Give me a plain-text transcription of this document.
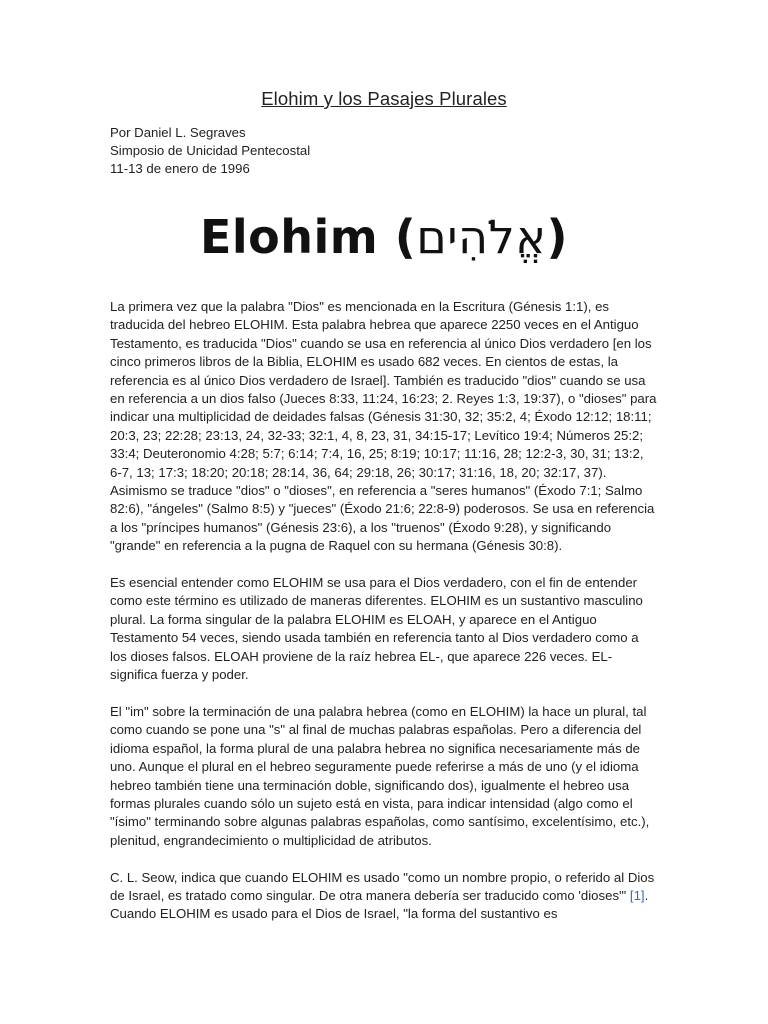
Elohim y los Pasajes Plurales
Por Daniel L. Segraves
Simposio de Unicidad Pentecostal
11-13 de enero de 1996
Elohim (אֱלֹהִים)

La primera vez que la palabra "Dios" es mencionada en la Escritura (Génesis 1:1), es traducida del hebreo ELOHIM. Esta palabra hebrea que aparece 2250 veces en el Antiguo Testamento, es traducida "Dios" cuando se usa en referencia al único Dios verdadero [en los cinco primeros libros de la Biblia, ELOHIM es usado 682 veces. En cientos de estas, la referencia es al único Dios verdadero de Israel]. También es traducido "dios" cuando se usa en referencia a un dios falso (Jueces 8:33, 11:24, 16:23; 2. Reyes 1:3, 19:37), o "dioses" para indicar una multiplicidad de deidades falsas (Génesis 31:30, 32; 35:2, 4; Éxodo 12:12; 18:11; 20:3, 23; 22:28; 23:13, 24, 32-33; 32:1, 4, 8, 23, 31, 34:15-17; Levítico 19:4; Números 25:2; 33:4; Deuteronomio 4:28; 5:7; 6:14; 7:4, 16, 25; 8:19; 10:17; 11:16, 28; 12:2-3, 30, 31; 13:2, 6-7, 13; 17:3; 18:20; 20:18; 28:14, 36, 64; 29:18, 26; 30:17; 31:16, 18, 20; 32:17, 37). Asimismo se traduce "dios" o "dioses", en referencia a "seres humanos" (Éxodo 7:1; Salmo 82:6), "ángeles" (Salmo 8:5) y "jueces" (Éxodo 21:6; 22:8-9) poderosos. Se usa en referencia a los "príncipes humanos" (Génesis 23:6), a los "truenos" (Éxodo 9:28), y significando "grande" en referencia a la pugna de Raquel con su hermana (Génesis 30:8).

Es esencial entender como ELOHIM se usa para el Dios verdadero, con el fin de entender como este término es utilizado de maneras diferentes. ELOHIM es un sustantivo masculino plural. La forma singular de la palabra ELOHIM es ELOAH, y aparece en el Antiguo Testamento 54 veces, siendo usada también en referencia tanto al Dios verdadero como a los dioses falsos. ELOAH proviene de la raíz hebrea EL-, que aparece 226 veces. EL- significa fuerza y poder.

El "im" sobre la terminación de una palabra hebrea (como en ELOHIM) la hace un plural, tal como cuando se pone una "s" al final de muchas palabras españolas. Pero a diferencia del idioma español, la forma plural de una palabra hebrea no significa necesariamente más de uno. Aunque el plural en el hebreo seguramente puede referirse a más de uno (y el idioma hebreo también tiene una terminación doble, significando dos), igualmente el hebreo usa formas plurales cuando sólo un sujeto está en vista, para indicar intensidad (algo como el "ísimo" terminando sobre algunas palabras españolas, como santísimo, excelentísimo, etc.), plenitud, engrandecimiento o multiplicidad de atributos.

C. L. Seow, indica que cuando ELOHIM es usado "como un nombre propio, o referido al Dios de Israel, es tratado como singular. De otra manera debería ser traducido como 'dioses'" [1]. Cuando ELOHIM es usado para el Dios de Israel, "la forma del sustantivo es
